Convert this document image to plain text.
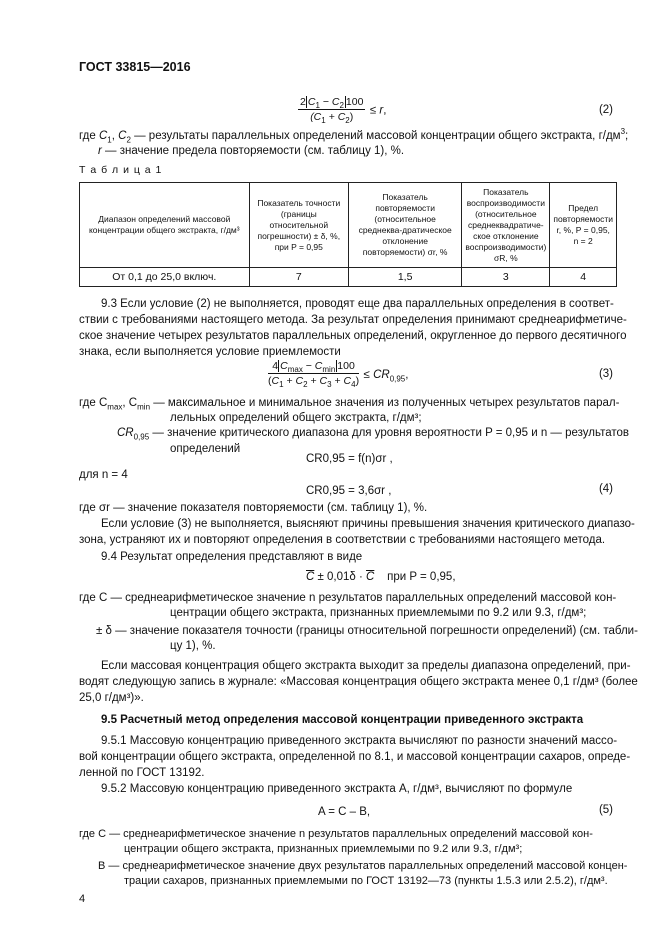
ГОСТ 33815—2016
$\frac{2 C_1 - C_2 100}{(C_1 + C_2)} \le r$,	(2)
где $C_1$, $C_2$ — результаты параллельных определений массовой концентрации общего экстракта, $г/дм^3$;
r — значение предела повторяемости (см. таблицу 1), %.
Т а б л и ц а 1
Диапазон определений массовой концентрации общего экстракта, г/дм³	Показатель точности (границы относительной погрешности) ± δ, %, при P = 0,95	Показатель повторяемости (относительное среднеква-дратическое отклонение повторяемости) σr, %	Показатель воспроизводимости (относительное среднеквадратиче-ское отклонение воспроизводимости) σR, %	Предел повторяемости r, %, P = 0,95, n = 2
От 0,1 до 25,0 включ.	7	1,5	3	4
9.3 Если условие (2) не выполняется, проводят еще два параллельных определения в соответ-
ствии с требованиями настоящего метода. За результат определения принимают среднеарифметиче-
ское значение четырех результатов параллельных определений, округленное до первого десятичного
знака, если выполняется условие приемлемости
$\frac{4 C_{max} - C_{min} 100}{(C_1 + C_2 + C_3 + C_4)} \le CR_{0,95}$,	(3)
где $C_{max}$, $C_{min}$ — максимальное и минимальное значения из полученных четырех результатов парал-
лельных определений общего экстракта, г/дм³;
$CR_{0,95}$ — значение критического диапазона для уровня вероятности P = 0,95 и n — результатов
определений
CR0,95 = f(n)σr ,
для n = 4
CR0,95 = 3,6σr ,	(4)
где σr — значение показателя повторяемости (см. таблицу 1), %.
Если условие (3) не выполняется, выясняют причины превышения значения критического диапазо-
зона, устраняют их и повторяют определения в соответствии с требованиями настоящего метода.
9.4 Результат определения представляют в виде
$\overline{C} \pm 0,01\delta \cdot \overline{C}$ при P = 0,95,
где C — среднеарифметическое значение n результатов параллельных определений массовой кон-
центрации общего экстракта, признанных приемлемыми по 9.2 или 9.3, г/дм³;
± δ — значение показателя точности (границы относительной погрешности определений) (см. табли-
цу 1), %.
Если массовая концентрация общего экстракта выходит за пределы диапазона определений, при-
водят следующую запись в журнале: «Массовая концентрация общего экстракта менее 0,1 г/дм³ (более
25,0 г/дм³)».
9.5 Расчетный метод определения массовой концентрации приведенного экстракта
9.5.1 Массовую концентрацию приведенного экстракта вычисляют по разности значений массо-
вой концентрации общего экстракта, определенной по 8.1, и массовой концентрации сахаров, опреде-
ленной по ГОСТ 13192.
9.5.2 Массовую концентрацию приведенного экстракта A, г/дм³, вычисляют по формуле
A = C – B,	(5)
где C — среднеарифметическое значение n результатов параллельных определений массовой кон-
центрации общего экстракта, признанных приемлемыми по 9.2 или 9.3, г/дм³;
B — среднеарифметическое значение двух результатов параллельных определений массовой концен-
трации сахаров, признанных приемлемыми по ГОСТ 13192—73 (пункты 1.5.3 или 2.5.2), г/дм³.
4
